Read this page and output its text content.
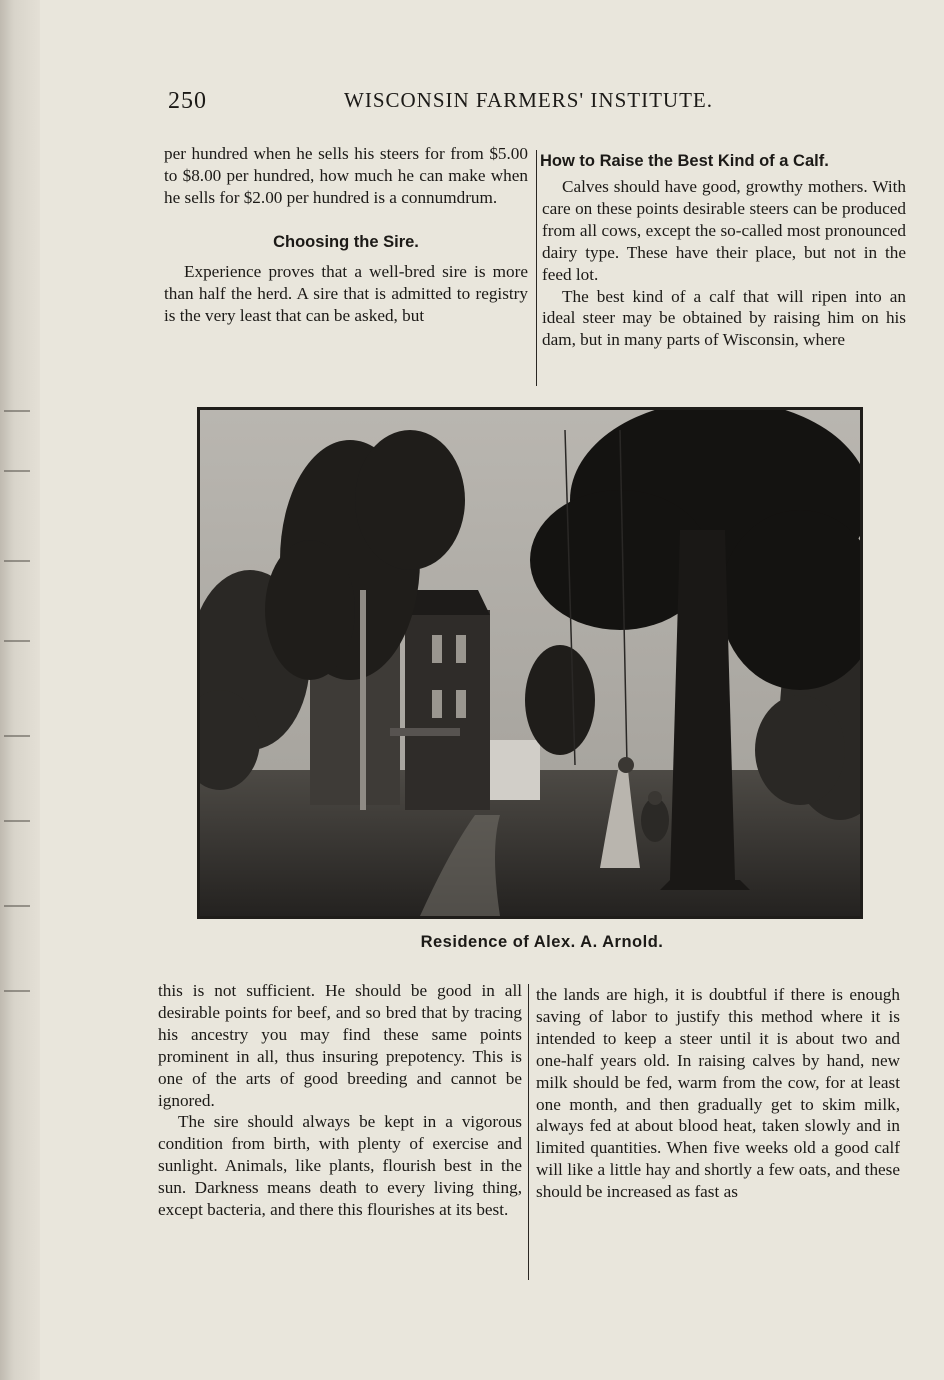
250	WISCONSIN FARMERS' INSTITUTE.

per hundred when he sells his steers for from $5.00 to $8.00 per hundred, how much he can make when he sells for $2.00 per hundred is a connumdrum.

Choosing the Sire.

Experience proves that a well-bred sire is more than half the herd. A sire that is admitted to registry is the very least that can be asked, but

How to Raise the Best Kind of a Calf.

Calves should have good, growthy mothers. With care on these points desirable steers can be produced from all cows, except the so-called most pronounced dairy type. These have their place, but not in the feed lot.

The best kind of a calf that will ripen into an ideal steer may be obtained by raising him on his dam, but in many parts of Wisconsin, where

Residence of Alex. A. Arnold.

this is not sufficient. He should be good in all desirable points for beef, and so bred that by tracing his ancestry you may find these same points prominent in all, thus insuring prepotency. This is one of the arts of good breeding and cannot be ignored.

The sire should always be kept in a vigorous condition from birth, with plenty of exercise and sunlight. Animals, like plants, flourish best in the sun. Darkness means death to every living thing, except bacteria, and there this flourishes at its best.

the lands are high, it is doubtful if there is enough saving of labor to justify this method where it is intended to keep a steer until it is about two and one-half years old. In raising calves by hand, new milk should be fed, warm from the cow, for at least one month, and then gradually get to skim milk, always fed at about blood heat, taken slowly and in limited quantities. When five weeks old a good calf will like a little hay and shortly a few oats, and these should be increased as fast as
